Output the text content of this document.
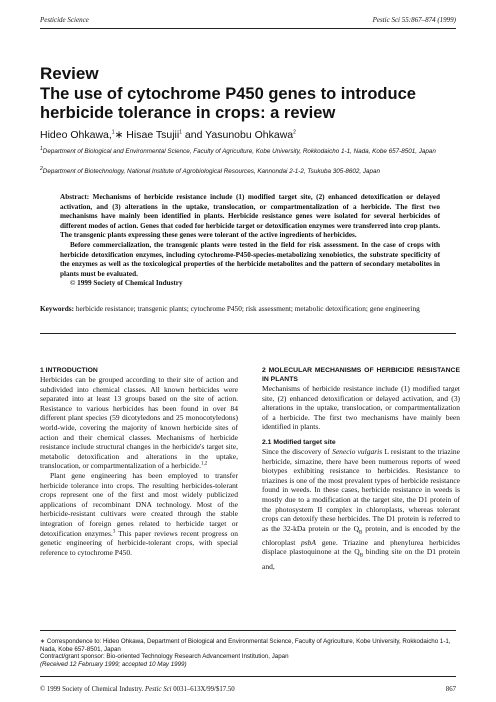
Pesticide Science	Pestic Sci 55:867–874 (1999)
Review
The use of cytochrome P450 genes to introduce herbicide tolerance in crops: a review
Hideo Ohkawa,$^1$∗ Hisae Tsujii$^1$ and Yasunobu Ohkawa$^2$
$^1$Department of Biological and Environmental Science, Faculty of Agriculture, Kobe University, Rokkodaicho 1-1, Nada, Kobe 657-8501, Japan
$^2$Department of Biotechnology, National Institute of Agrobiological Resources, Kannondai 2-1-2, Tsukuba 305-8602, Japan

Abstract: Mechanisms of herbicide resistance include (1) modified target site, (2) enhanced detoxification or delayed activation, and (3) alterations in the uptake, translocation, or compartmentalization of a herbicide. The first two mechanisms have mainly been identified in plants. Herbicide resistance genes were isolated for several herbicides of different modes of action. Genes that coded for herbicide target or detoxification enzymes were transferred into crop plants. The transgenic plants expressing these genes were tolerant of the active ingredients of herbicides.

Before commercialization, the transgenic plants were tested in the field for risk assessment. In the case of crops with herbicide detoxification enzymes, including cytochrome-P450-species-metabolizing xenobiotics, the substrate specificity of the enzymes as well as the toxicological properties of the herbicide metabolites and the pattern of secondary metabolites in plants must be evaluated.

© 1999 Society of Chemical Industry

Keywords: herbicide resistance; transgenic plants; cytochrome P450; risk assessment; metabolic detoxification; gene engineering
1 INTRODUCTION

Herbicides can be grouped according to their site of action and subdivided into chemical classes. All known herbicides were separated into at least 13 groups based on the site of action. Resistance to various herbicides has been found in over 84 different plant species (59 dicotyledons and 25 monocotyledons) world-wide, covering the majority of known herbicide sites of action and their chemical classes. Mechanisms of herbicide resistance include structural changes in the herbicide's target site, metabolic detoxification and alterations in the uptake, translocation, or compartmentalization of a herbicide.$^{1,2}$

Plant gene engineering has been employed to transfer herbicide tolerance into crops. The resulting herbicides-tolerant crops represent one of the first and most widely publicized applications of recombinant DNA technology. Most of the herbicide-resistant cultivars were created through the stable integration of foreign genes related to herbicide target or detoxification enzymes.$^3$ This paper reviews recent progress on genetic engineering of herbicide-tolerant crops, with special reference to cytochrome P450.

2 MOLECULAR MECHANISMS OF HERBICIDE RESISTANCE IN PLANTS

Mechanisms of herbicide resistance include (1) modified target site, (2) enhanced detoxification or delayed activation, and (3) alterations in the uptake, translocation, or compartmentalization of a herbicide. The first two mechanisms have mainly been identified in plants.

2.1 Modified target site

Since the discovery of Senecio vulgaris L resistant to the triazine herbicide, simazine, there have been numerous reports of weed biotypes exhibiting resistance to herbicides. Resistance to triazines is one of the most prevalent types of herbicide resistance found in weeds. In these cases, herbicide resistance in weeds is mostly due to a modification at the target site, the D1 protein of the photosystem II complex in chloroplasts, whereas tolerant crops can detoxify these herbicides. The D1 protein is referred to as the 32-kDa protein or the $Q_B$ protein, and is encoded by the chloroplast psbA gene. Triazine and phenylurea herbicides displace plastoquinone at the $Q_B$ binding site on the D1 protein and,

∗ Correspondence to: Hideo Ohkawa, Department of Biological and Environmental Science, Faculty of Agriculture, Kobe University, Rokkodaicho 1-1, Nada, Kobe 657-8501, Japan
Contract/grant sponsor: Bio-oriented Technology Research Advancement Institution, Japan
(Received 12 February 1999; accepted 10 May 1999)
© 1999 Society of Chemical Industry. Pestic Sci 0031–613X/99/$17.50	867
